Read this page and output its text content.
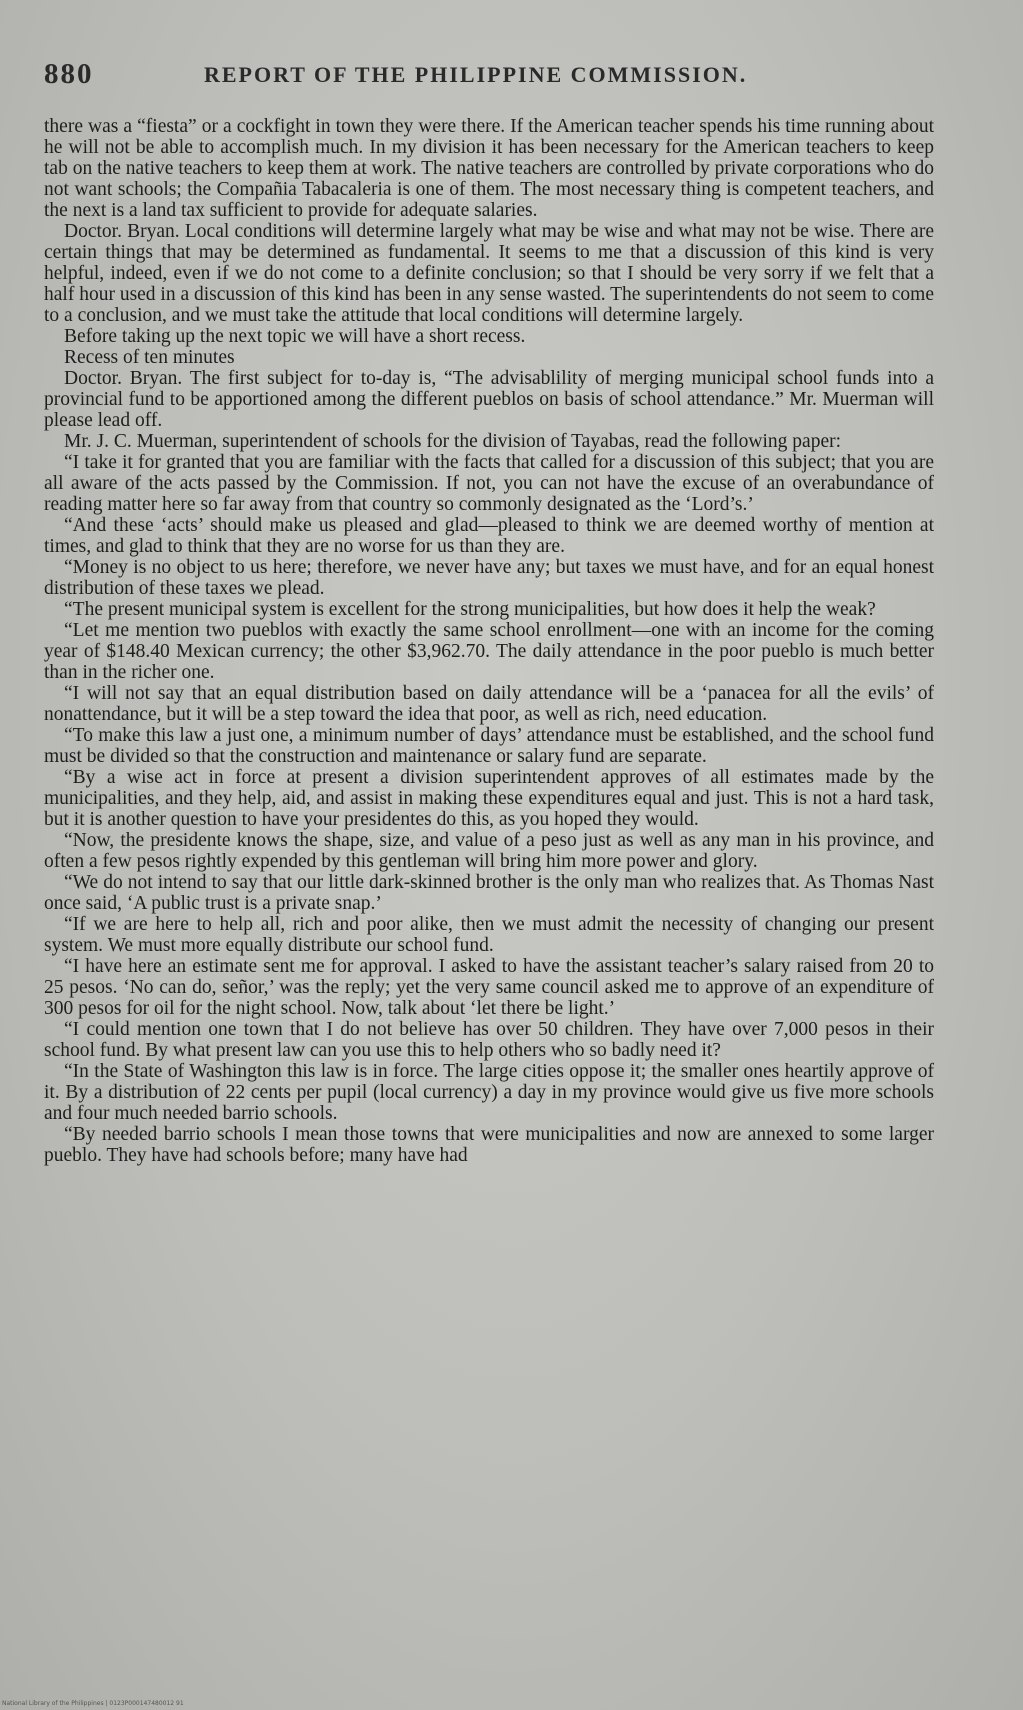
880	REPORT OF THE PHILIPPINE COMMISSION.

there was a “fiesta” or a cockfight in town they were there. If the American teacher spends his time running about he will not be able to accomplish much. In my division it has been necessary for the American teachers to keep tab on the native teachers to keep them at work. The native teachers are controlled by private corporations who do not want schools; the Compañia Tabacaleria is one of them. The most necessary thing is competent teachers, and the next is a land tax sufficient to provide for adequate salaries.

Doctor. Bryan. Local conditions will determine largely what may be wise and what may not be wise. There are certain things that may be determined as fundamental. It seems to me that a discussion of this kind is very helpful, indeed, even if we do not come to a definite conclusion; so that I should be very sorry if we felt that a half hour used in a discussion of this kind has been in any sense wasted. The superintendents do not seem to come to a conclusion, and we must take the attitude that local conditions will determine largely.

Before taking up the next topic we will have a short recess.

Recess of ten minutes

Doctor. Bryan. The first subject for to-day is, “The advisablility of merging municipal school funds into a provincial fund to be apportioned among the different pueblos on basis of school attendance.” Mr. Muerman will please lead off.

Mr. J. C. Muerman, superintendent of schools for the division of Tayabas, read the following paper:

“I take it for granted that you are familiar with the facts that called for a discussion of this subject; that you are all aware of the acts passed by the Commission. If not, you can not have the excuse of an overabundance of reading matter here so far away from that country so commonly designated as the ‘Lord’s.’

“And these ‘acts’ should make us pleased and glad—pleased to think we are deemed worthy of mention at times, and glad to think that they are no worse for us than they are.

“Money is no object to us here; therefore, we never have any; but taxes we must have, and for an equal honest distribution of these taxes we plead.

“The present municipal system is excellent for the strong municipalities, but how does it help the weak?

“Let me mention two pueblos with exactly the same school enrollment—one with an income for the coming year of $148.40 Mexican currency; the other $3,962.70. The daily attendance in the poor pueblo is much better than in the richer one.

“I will not say that an equal distribution based on daily attendance will be a ‘panacea for all the evils’ of nonattendance, but it will be a step toward the idea that poor, as well as rich, need education.

“To make this law a just one, a minimum number of days’ attendance must be established, and the school fund must be divided so that the construction and maintenance or salary fund are separate.

“By a wise act in force at present a division superintendent approves of all estimates made by the municipalities, and they help, aid, and assist in making these expenditures equal and just. This is not a hard task, but it is another question to have your presidentes do this, as you hoped they would.

“Now, the presidente knows the shape, size, and value of a peso just as well as any man in his province, and often a few pesos rightly expended by this gentleman will bring him more power and glory.

“We do not intend to say that our little dark-skinned brother is the only man who realizes that. As Thomas Nast once said, ‘A public trust is a private snap.’

“If we are here to help all, rich and poor alike, then we must admit the necessity of changing our present system. We must more equally distribute our school fund.

“I have here an estimate sent me for approval. I asked to have the assistant teacher’s salary raised from 20 to 25 pesos. ‘No can do, señor,’ was the reply; yet the very same council asked me to approve of an expenditure of 300 pesos for oil for the night school. Now, talk about ‘let there be light.’

“I could mention one town that I do not believe has over 50 children. They have over 7,000 pesos in their school fund. By what present law can you use this to help others who so badly need it?

“In the State of Washington this law is in force. The large cities oppose it; the smaller ones heartily approve of it. By a distribution of 22 cents per pupil (local currency) a day in my province would give us five more schools and four much needed barrio schools.

“By needed barrio schools I mean those towns that were municipalities and now are annexed to some larger pueblo. They have had schools before; many have had

National Library of the Philippines | 0123P000147480012 91
